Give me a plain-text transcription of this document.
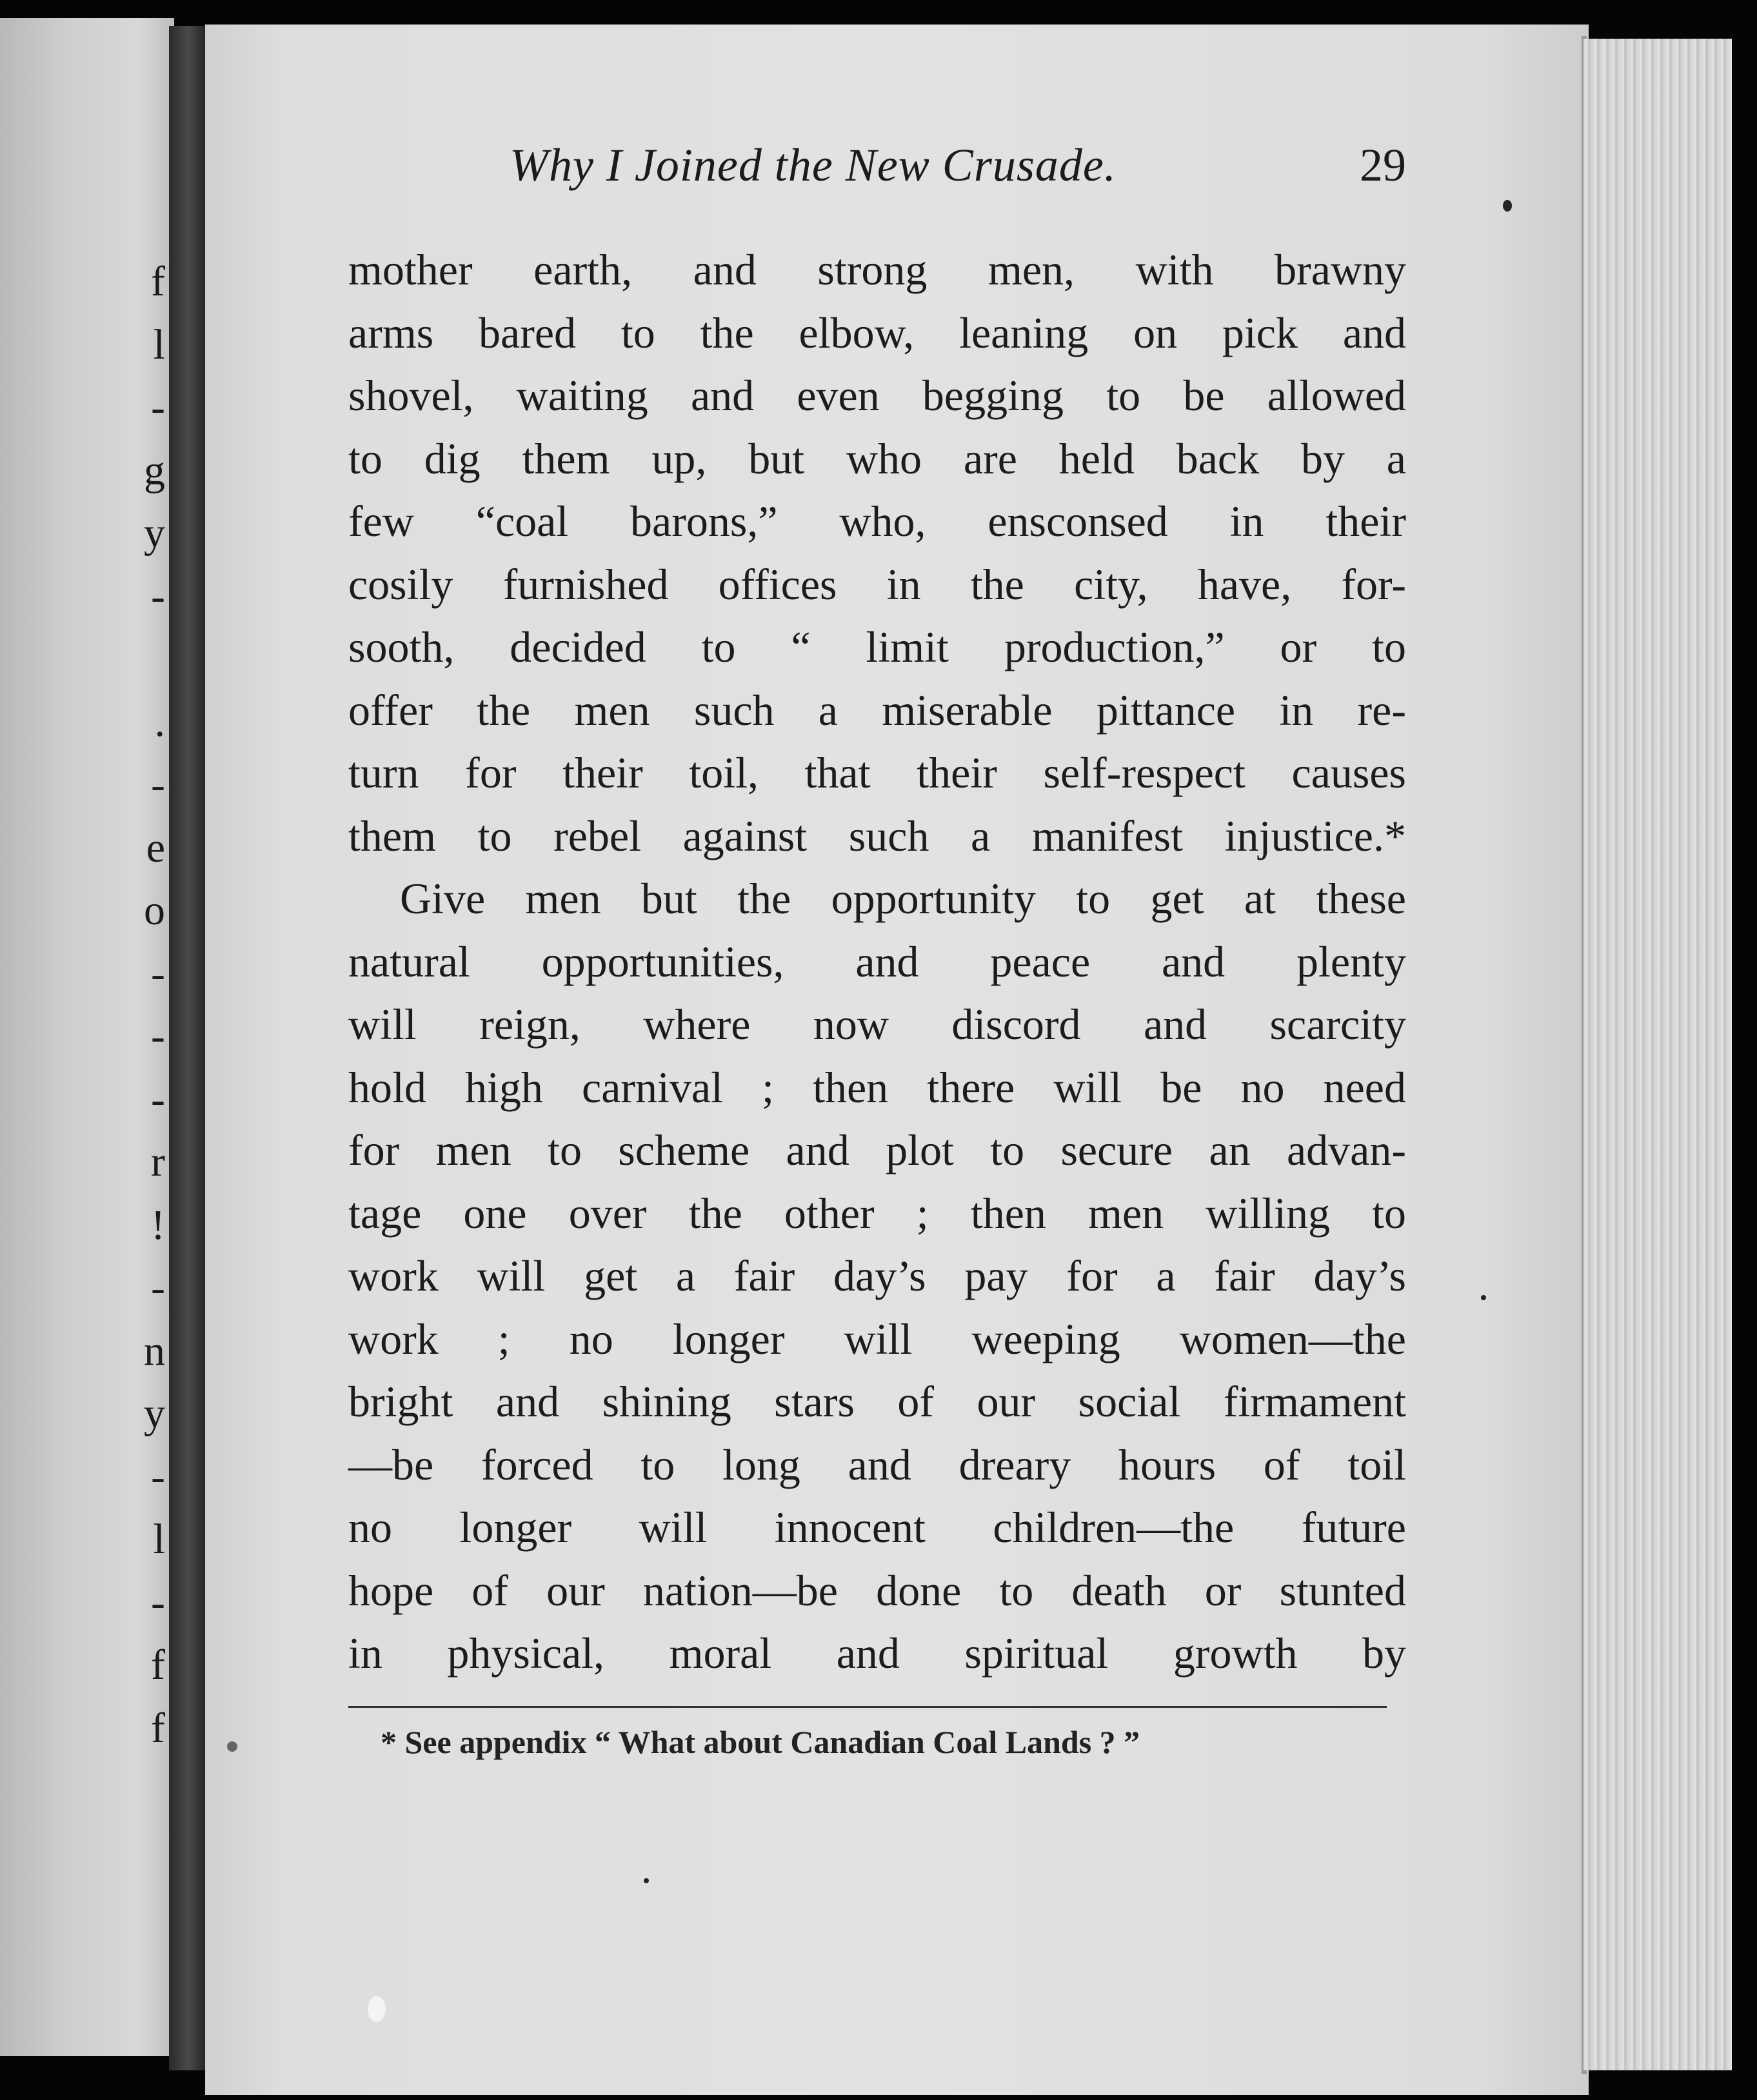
f
l
-
g
y
-
.
-
e
o
-
-
-
r
!
-
n
y
-
l
-
f
f
Why I Joined the New Crusade.	29
mother earth, and strong men, with brawny
arms bared to the elbow, leaning on pick and
shovel, waiting and even begging to be allowed
to dig them up, but who are held back by a
few “coal barons,” who, ensconsed in their
cosily furnished offices in the city, have, for-
sooth, decided to “ limit production,” or to
offer the men such a miserable pittance in re-
turn for their toil, that their self-respect causes
them to rebel against such a manifest injustice.*
Give men but the opportunity to get at these
natural opportunities, and peace and plenty
will reign, where now discord and scarcity
hold high carnival ; then there will be no need
for men to scheme and plot to secure an advan-
tage one over the other ; then men willing to
work will get a fair day’s pay for a fair day’s
work ; no longer will weeping women—the
bright and shining stars of our social firmament
—be forced to long and dreary hours of toil
no longer will innocent children—the future
hope of our nation—be done to death or stunted
in physical, moral and spiritual growth by
* See appendix “ What about Canadian Coal Lands ? ”
